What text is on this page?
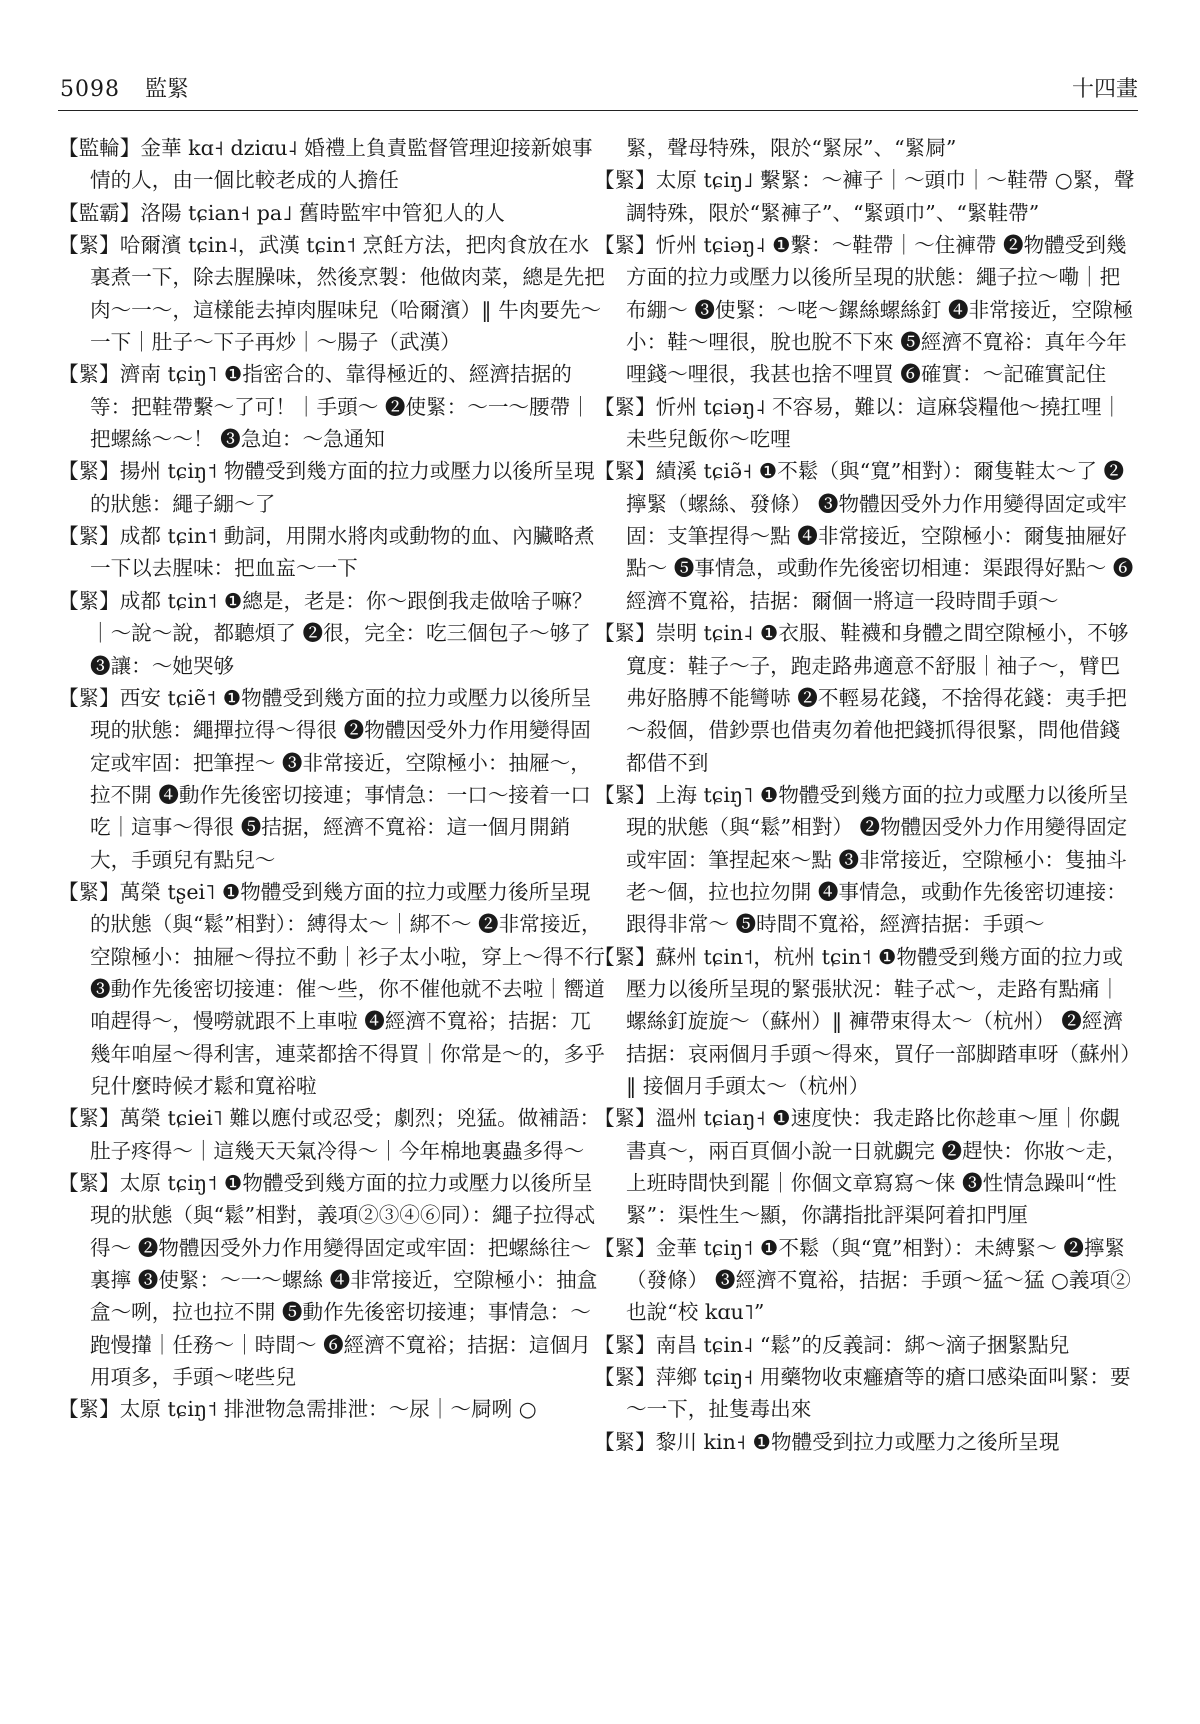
5098 監緊	十四畫

【監輪】金華 kɑ˧ dziɑu˨ 婚禮上負責監督管理迎接新娘事情的人，由一個比較老成的人擔任

【監霸】洛陽 tɕian˧ pa˩ 舊時監牢中管犯人的人

【緊】哈爾濱 tɕin˨，武漢 tɕin˦ 烹飪方法，把肉食放在水裏煮一下，除去腥臊味，然後烹製：他做肉菜，總是先把肉～一～，這樣能去掉肉腥味兒（哈爾濱）‖ 牛肉要先～一下｜肚子～下子再炒｜～腸子（武漢）

【緊】濟南 tɕiŋ˥ ❶指密合的、靠得極近的、經濟拮据的等：把鞋帶繫～了可！｜手頭～ ❷使緊：～一～腰帶｜把螺絲～～！ ❸急迫：～急通知

【緊】揚州 tɕiŋ˦ 物體受到幾方面的拉力或壓力以後所呈現的狀態：繩子綳～了

【緊】成都 tɕin˦ 動詞，用開水將肉或動物的血、內臟略煮一下以去腥味：把血衁～一下

【緊】成都 tɕin˦ ❶總是，老是：你～跟倒我走做啥子嘛？｜～說～說，都聽煩了 ❷很，完全：吃三個包子～够了 ❸讓：～她哭够

【緊】西安 tɕiẽ˦ ❶物體受到幾方面的拉力或壓力以後所呈現的狀態：繩撣拉得～得很 ❷物體因受外力作用變得固定或牢固：把筆捏～ ❸非常接近，空隙極小：抽屜～，拉不開 ❹動作先後密切接連；事情急：一口～接着一口吃｜這事～得很 ❺拮据，經濟不寬裕：這一個月開銷大，手頭兒有點兒～

【緊】萬榮 tʂei˥ ❶物體受到幾方面的拉力或壓力後所呈現的狀態（與“鬆”相對）：縛得太～｜綁不～ ❷非常接近，空隙極小：抽屜～得拉不動｜衫子太小啦，穿上～得不行 ❸動作先後密切接連：催～些，你不催他就不去啦｜嚮道咱趕得～，慢嘮就跟不上車啦 ❹經濟不寬裕；拮据：兀幾年咱屋～得利害，連菜都捨不得買｜你常是～的，多乎兒什麼時候才鬆和寬裕啦

【緊】萬榮 tɕiei˥ 難以應付或忍受；劇烈；兇猛。做補語：肚子疼得～｜這幾天天氣冷得～｜今年棉地裏蟲多得～

【緊】太原 tɕiŋ˦ ❶物體受到幾方面的拉力或壓力以後所呈現的狀態（與“鬆”相對，義項②③④⑥同）：繩子拉得忒得～ ❷物體因受外力作用變得固定或牢固：把螺絲往～裏擰 ❸使緊：～一～螺絲 ❹非常接近，空隙極小：抽盒盒～咧，拉也拉不開 ❺動作先後密切接連；事情急：～跑慢攆｜任務～｜時間～ ❻經濟不寬裕；拮据：這個月用項多，手頭～咾些兒

【緊】太原 tɕiŋ˦ 排泄物急需排泄：～尿｜～屙咧 ○

緊，聲母特殊，限於“緊尿”、“緊屙”

【緊】太原 tɕiŋ˩ 繫緊：～褲子｜～頭巾｜～鞋帶 ○緊，聲調特殊，限於“緊褲子”、“緊頭巾”、“緊鞋帶”

【緊】忻州 tɕiəŋ˨ ❶繫：～鞋帶｜～住褲帶 ❷物體受到幾方面的拉力或壓力以後所呈現的狀態：繩子拉～嘞｜把布綳～ ❸使緊：～咾～鏍絲螺絲釘 ❹非常接近，空隙極小：鞋～哩很，脫也脫不下來 ❺經濟不寬裕：真年今年哩錢～哩很，我甚也捨不哩買 ❻確實：～記確實記住

【緊】忻州 tɕiəŋ˨ 不容易，難以：這麻袋糧他～撓扛哩｜未些兒飯你～吃哩

【緊】績溪 tɕiə̃˧ ❶不鬆（與“寬”相對）：爾隻鞋太～了 ❷擰緊（螺絲、發條） ❸物體因受外力作用變得固定或牢固：支筆捏得～點 ❹非常接近，空隙極小：爾隻抽屜好點～ ❺事情急，或動作先後密切相連：渠跟得好點～ ❻經濟不寬裕，拮据：爾個一將這一段時間手頭～

【緊】崇明 tɕin˨ ❶衣服、鞋襪和身體之間空隙極小，不够寬度：鞋子～子，跑走路弗適意不舒服｜袖子～，臂巴弗好胳膊不能彎哧 ❷不輕易花錢，不捨得花錢：夷手把～殺個，借鈔票也借夷勿着他把錢抓得很緊，問他借錢都借不到

【緊】上海 tɕiŋ˥ ❶物體受到幾方面的拉力或壓力以後所呈現的狀態（與“鬆”相對） ❷物體因受外力作用變得固定或牢固：筆捏起來～點 ❸非常接近，空隙極小：隻抽斗老～個，拉也拉勿開 ❹事情急，或動作先後密切連接：跟得非常～ ❺時間不寬裕，經濟拮据：手頭～

【緊】蘇州 tɕin˦，杭州 tɕin˦ ❶物體受到幾方面的拉力或壓力以後所呈現的緊張狀況：鞋子忒～，走路有點痛｜螺絲釘旋旋～（蘇州）‖ 褲帶束得太～（杭州） ❷經濟拮据：哀兩個月手頭～得來，買仔一部脚踏車呀（蘇州）‖ 接個月手頭太～（杭州）

【緊】溫州 tɕiaŋ˧ ❶速度快：我走路比你趁車～厘｜你覷書真～，兩百頁個小說一日就覷完 ❷趕快：你妝～走，上班時間快到罷｜你個文章寫寫～俫 ❸性情急躁叫“性緊”：渠性生～顯，你講指批評渠阿着扣門厘

【緊】金華 tɕiŋ˦ ❶不鬆（與“寬”相對）：未縛緊～ ❷擰緊（發條） ❸經濟不寬裕，拮据：手頭～猛～猛 ○義項②也說“校 kɑu˥”

【緊】南昌 tɕin˨ “鬆”的反義詞：綁～滴子捆緊點兒

【緊】萍鄉 tɕiŋ˧ 用藥物收束癰瘡等的瘡口感染面叫緊：要～一下，扯隻毒出來

【緊】黎川 kin˧ ❶物體受到拉力或壓力之後所呈現
